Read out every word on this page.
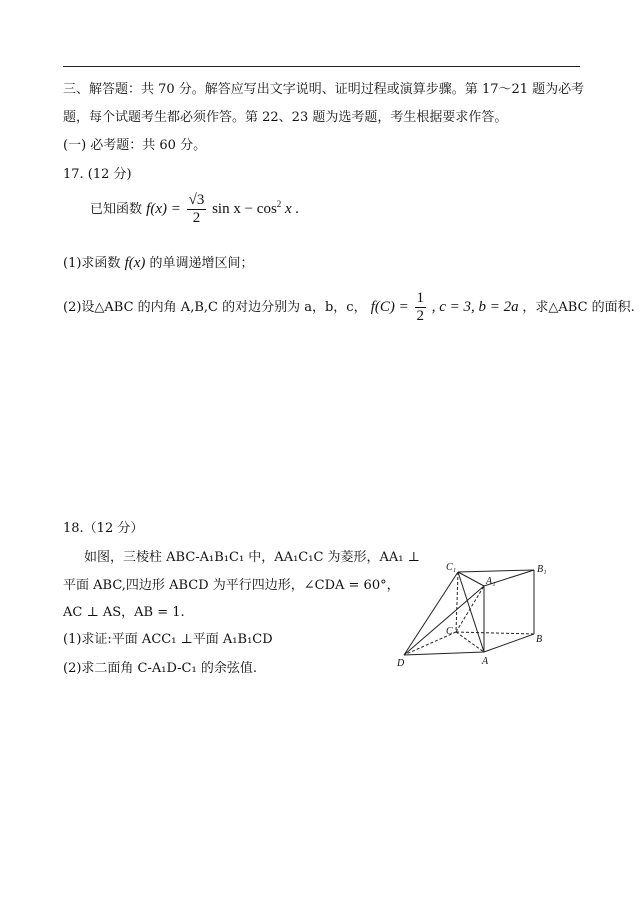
三、解答题：共 70 分。解答应写出文字说明、证明过程或演算步骤。第 17～21 题为必考
题，每个试题考生都必须作答。第 22、23 题为选考题，考生根据要求作答。
(一) 必考题：共 60 分。
17. (12 分)
已知函数 $f(x) = \frac{√3}{2}$ $\sin x - \cos^2 x$ .
(1)求函数 f(x) 的单调递增区间；
(2)设△ABC 的内角 A,B,C 的对边分别为 a，b，c， $f(C) = \frac{1}{2}$ , c = 3, b = 2a ，求△ABC 的面积.
18.（12 分）
如图，三棱柱 ABC-A₁B₁C₁ 中，AA₁C₁C 为菱形，AA₁ ⊥
平面 ABC,四边形 ABCD 为平行四边形，∠CDA = 60°，
AC ⊥ AS，AB = 1.
(1)求证:平面 ACC₁ ⊥平面 A₁B₁CD
(2)求二面角 C-A₁D-C₁ 的余弦值.
C₁
A₁
B₁
C
B
D	A
